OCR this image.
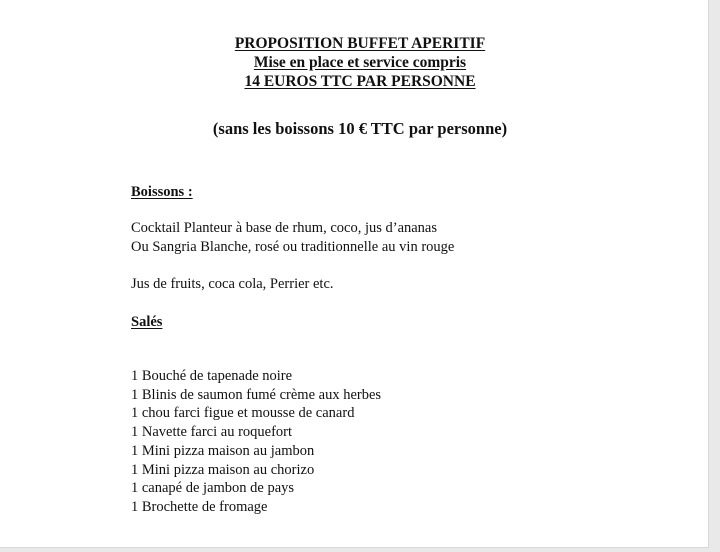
PROPOSITION BUFFET APERITIF
Mise en place et service compris
14 EUROS TTC PAR PERSONNE
(sans les boissons 10 € TTC par personne)
Boissons :
Cocktail Planteur à base de rhum, coco, jus d’ananas
Ou Sangria Blanche, rosé ou traditionnelle au vin rouge
Jus de fruits, coca cola, Perrier etc.
Salés
1 Bouché de tapenade noire
1 Blinis de saumon fumé crème aux herbes
1 chou farci figue et mousse de canard
1 Navette farci au roquefort
1 Mini pizza maison au jambon
1 Mini pizza maison au chorizo
1 canapé de jambon de pays
1 Brochette de fromage
